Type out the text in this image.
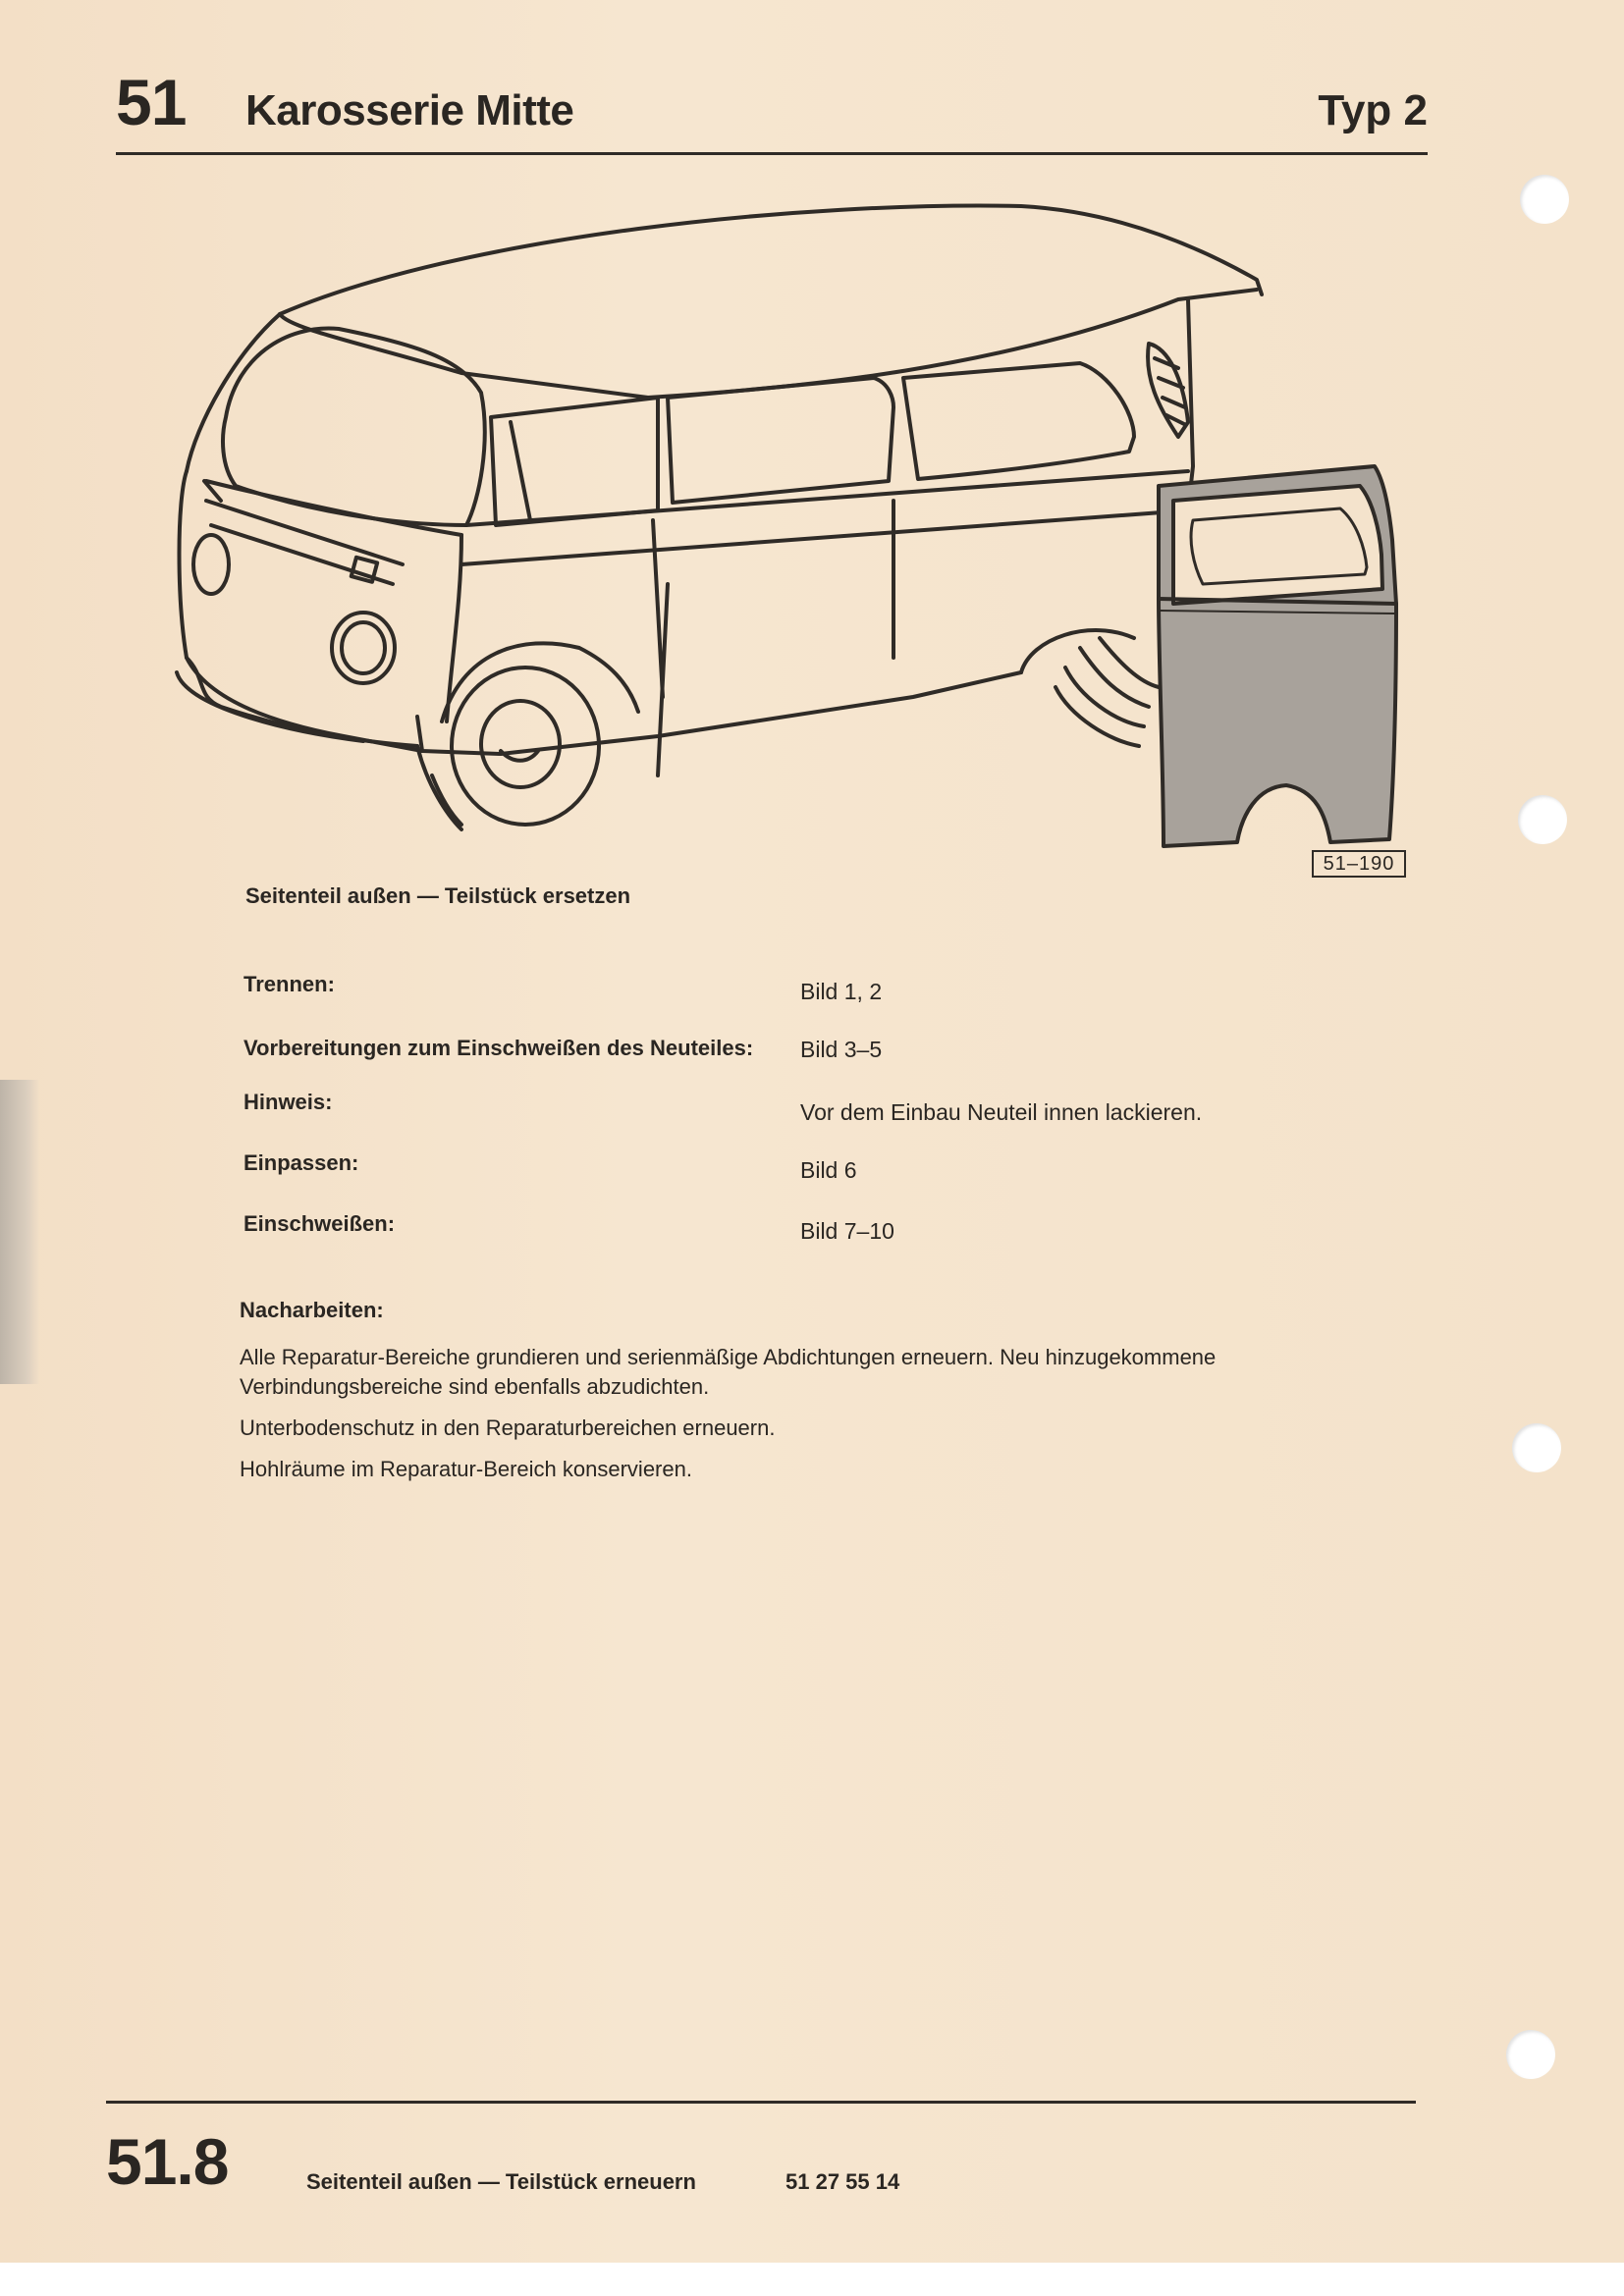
51 Karosserie Mitte	Typ 2
51–190
Seitenteil außen — Teilstück ersetzen
Trennen:	Bild 1, 2
Vorbereitungen zum Einschweißen des Neuteiles: Bild 3–5
Hinweis:	Vor dem Einbau Neuteil innen lackieren.
Einpassen:	Bild 6
Einschweißen:	Bild 7–10
Nacharbeiten:
Alle Reparatur-Bereiche grundieren und serienmäßige Abdichtungen erneuern. Neu hinzugekommene Verbindungsbereiche sind ebenfalls abzudichten.
Unterbodenschutz in den Reparaturbereichen erneuern.
Hohlräume im Reparatur-Bereich konservieren.
51.8	Seitenteil außen — Teilstück erneuern	51 27 55 14
